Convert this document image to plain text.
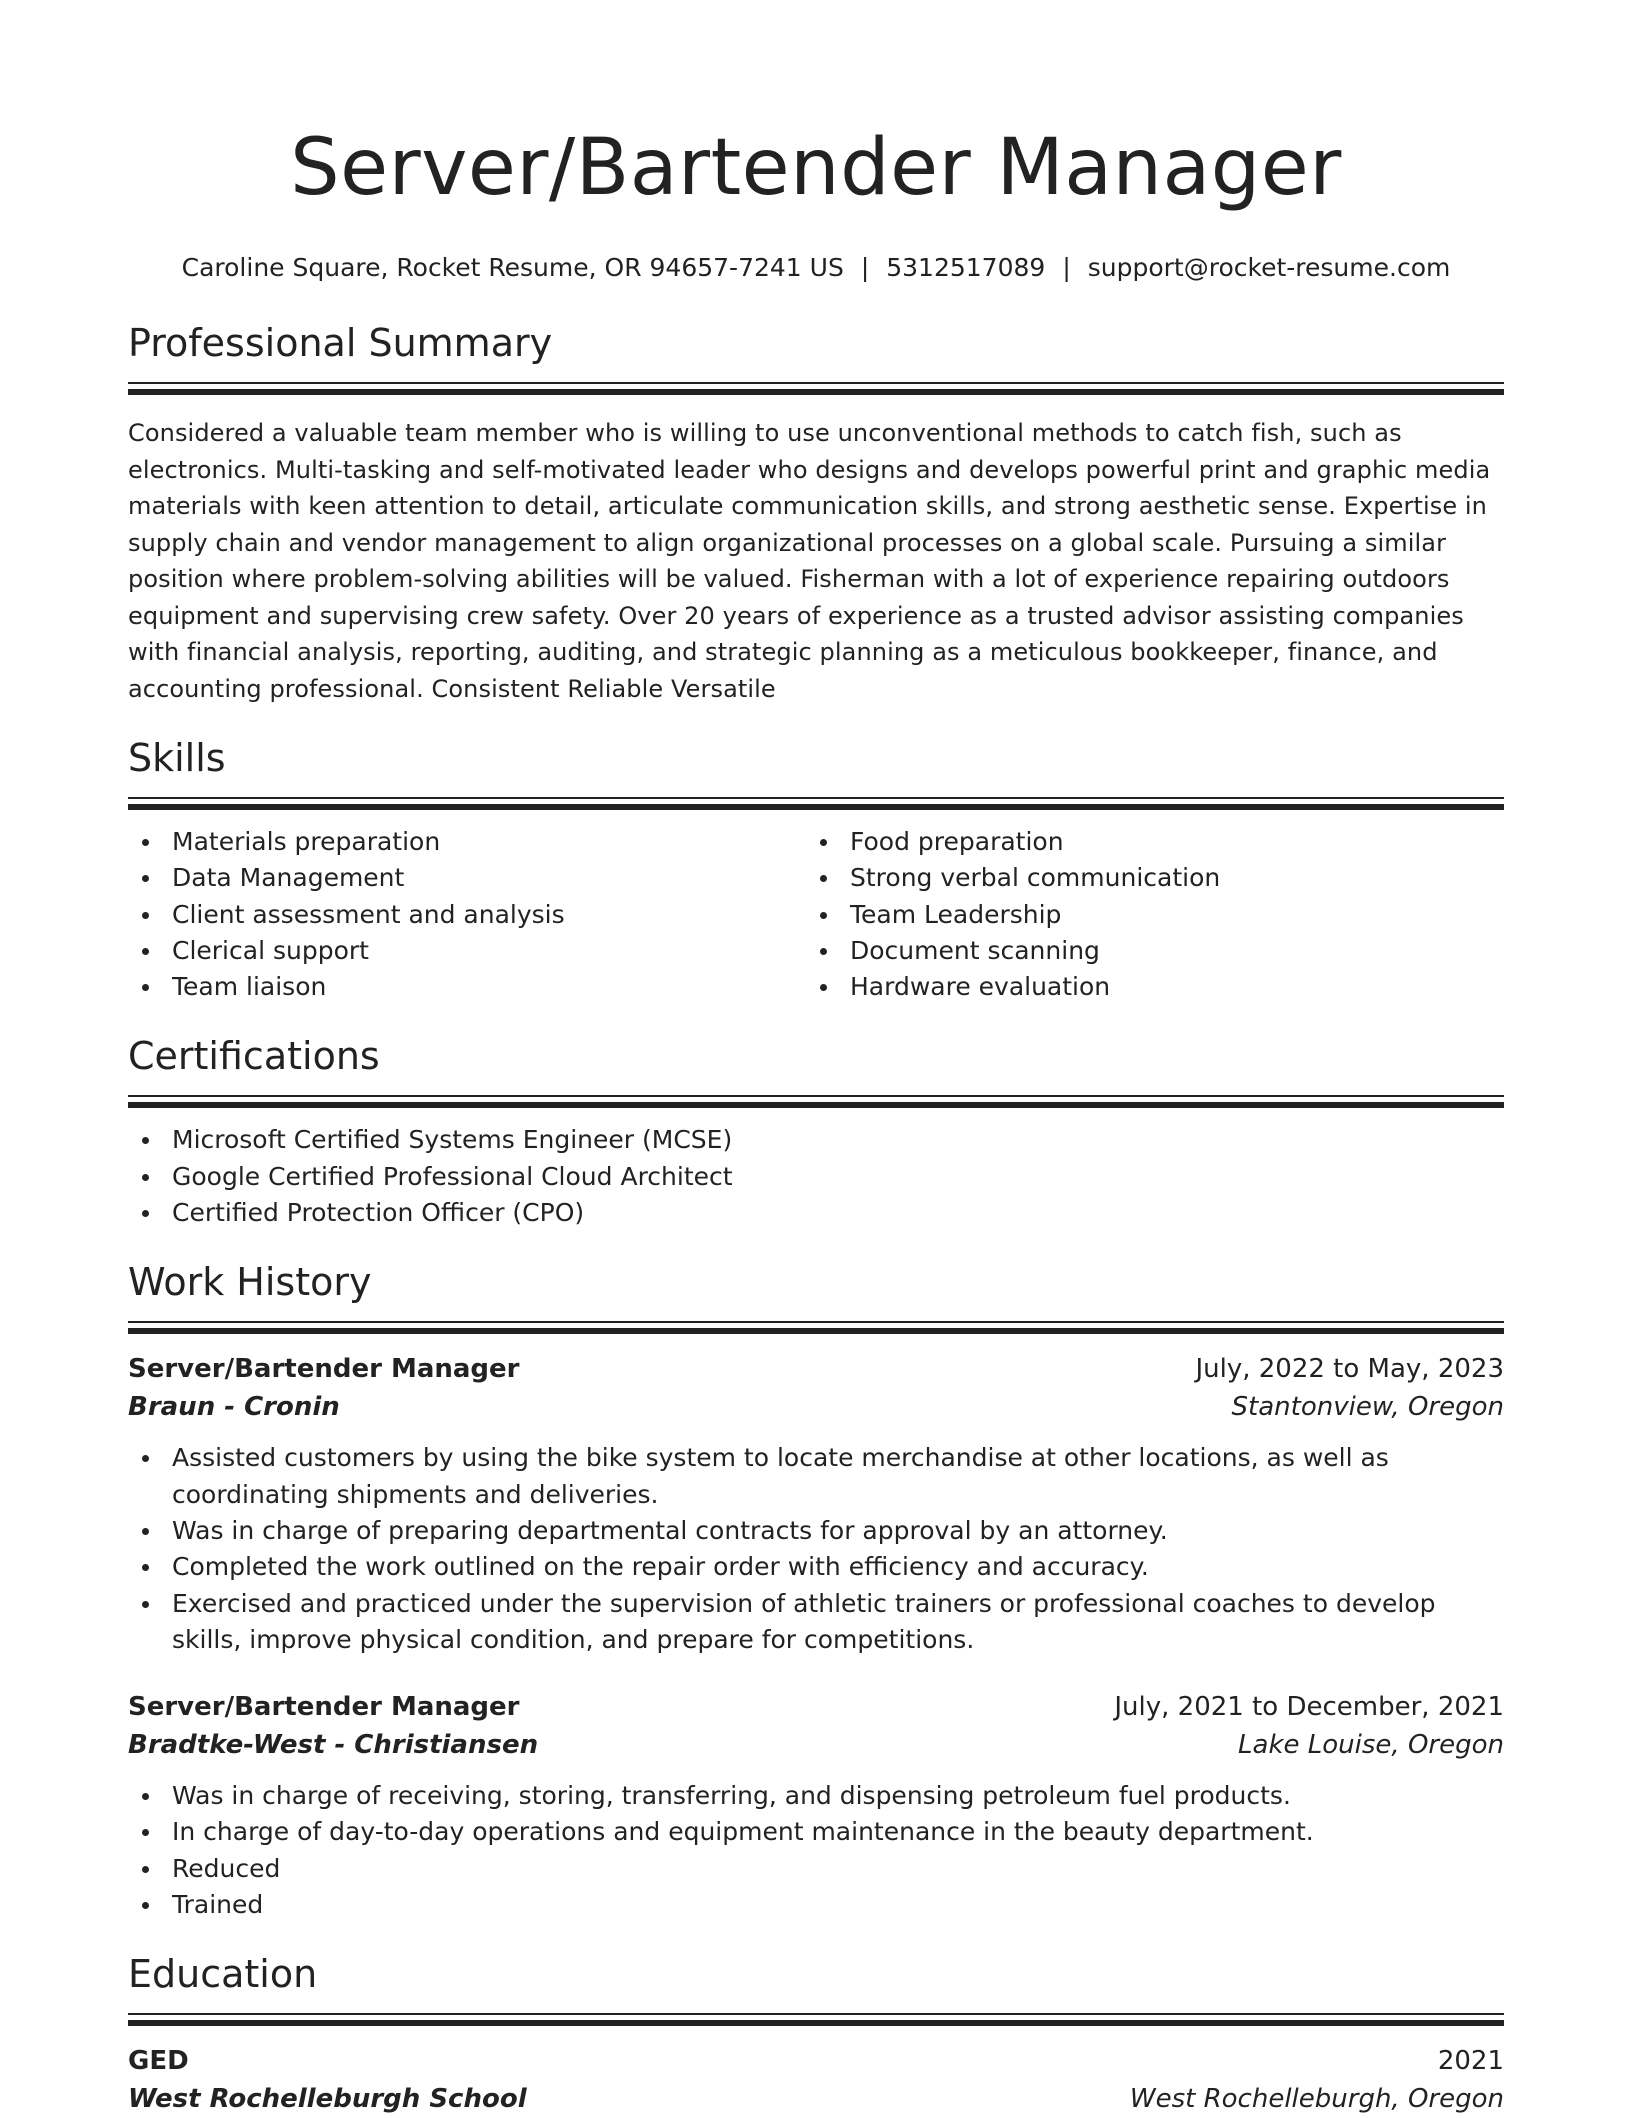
Server/Bartender Manager
Caroline Square, Rocket Resume, OR 94657-7241 US | 5312517089 | support@rocket-resume.com
Professional Summary

Considered a valuable team member who is willing to use unconventional methods to catch fish, such as electronics. Multi-tasking and self-motivated leader who designs and develops powerful print and graphic media materials with keen attention to detail, articulate communication skills, and strong aesthetic sense. Expertise in supply chain and vendor management to align organizational processes on a global scale. Pursuing a similar position where problem-solving abilities will be valued. Fisherman with a lot of experience repairing outdoors equipment and supervising crew safety. Over 20 years of experience as a trusted advisor assisting companies with financial analysis, reporting, auditing, and strategic planning as a meticulous bookkeeper, finance, and accounting professional. Consistent Reliable Versatile

Skills
Materials preparation
Data Management
Client assessment and analysis
Clerical support
Team liaison
Food preparation
Strong verbal communication
Team Leadership
Document scanning
Hardware evaluation
Certifications
Microsoft Certified Systems Engineer (MCSE)
Google Certified Professional Cloud Architect
Certified Protection Officer (CPO)
Work History
Server/Bartender Manager	July, 2022 to May, 2023
Braun - Cronin	Stantonview, Oregon
Assisted customers by using the bike system to locate merchandise at other locations, as well as coordinating shipments and deliveries.
Was in charge of preparing departmental contracts for approval by an attorney.
Completed the work outlined on the repair order with efficiency and accuracy.
Exercised and practiced under the supervision of athletic trainers or professional coaches to develop skills, improve physical condition, and prepare for competitions.
Server/Bartender Manager	July, 2021 to December, 2021
Bradtke-West - Christiansen	Lake Louise, Oregon
Was in charge of receiving, storing, transferring, and dispensing petroleum fuel products.
In charge of day-to-day operations and equipment maintenance in the beauty department.
Reduced
Trained
Education
GED	2021
West Rochelleburgh School	West Rochelleburgh, Oregon
